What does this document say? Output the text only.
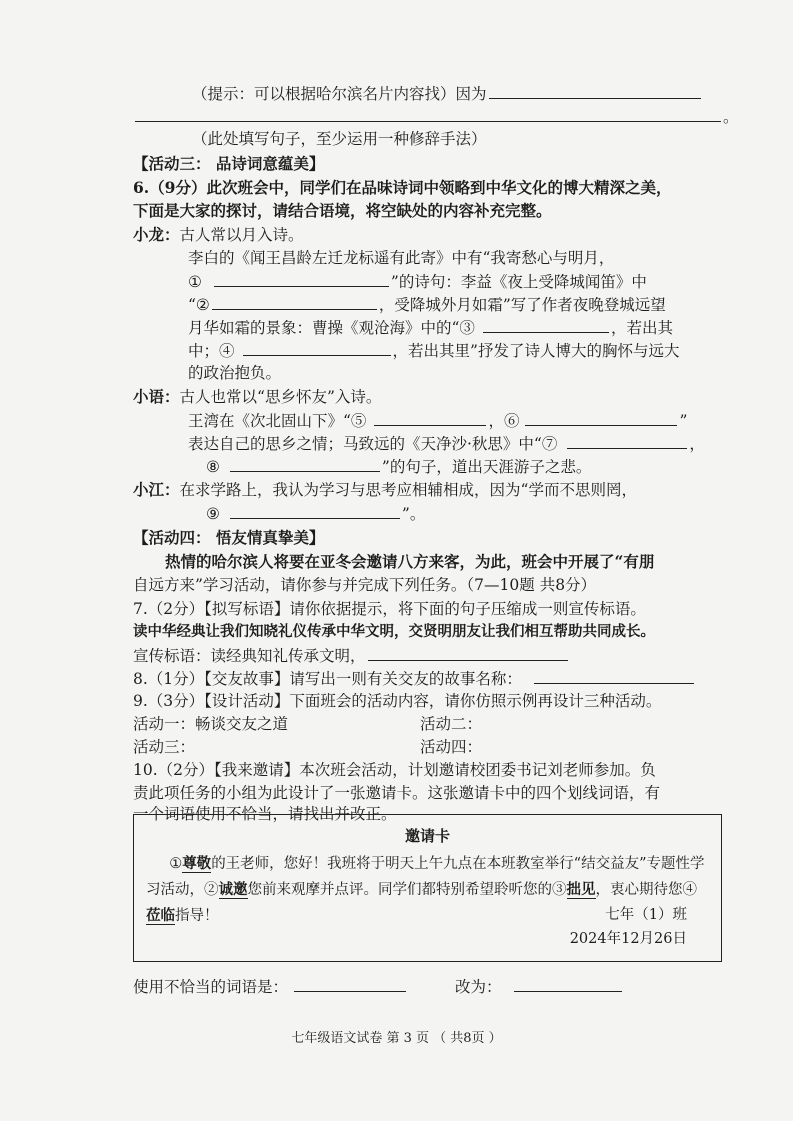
（提示：可以根据哈尔滨名片内容找）因为
。
（此处填写句子，至少运用一种修辞手法）
【活动三： 品诗词意蕴美】
6.（9分）此次班会中，同学们在品味诗词中领略到中华文化的博大精深之美，
下面是大家的探讨，请结合语境，将空缺处的内容补充完整。
小龙：古人常以月入诗。
李白的《闻王昌龄左迁龙标遥有此寄》中有“我寄愁心与明月，
①	”的诗句：李益《夜上受降城闻笛》中
“②	，受降城外月如霜”写了作者夜晚登城远望
月华如霜的景象：曹操《观沧海》中的“③	，若出其
中；④	，若出其里”抒发了诗人博大的胸怀与远大
的政治抱负。
小语：古人也常以“思乡怀友”入诗。
王湾在《次北固山下》“⑤	，⑥	”
表达自己的思乡之情；马致远的《天净沙·秋思》中“⑦	，
⑧	”的句子，道出天涯游子之悲。
小江：在求学路上，我认为学习与思考应相辅相成，因为“学而不思则罔，
⑨	”。
【活动四： 悟友情真挚美】
热情的哈尔滨人将要在亚冬会邀请八方来客，为此，班会中开展了“有朋
自远方来”学习活动，请你参与并完成下列任务。（7—10题 共8分）
7.（2分）【拟写标语】请你依据提示，将下面的句子压缩成一则宣传标语。
读中华经典让我们知晓礼仪传承中华文明，交贤明朋友让我们相互帮助共同成长。
宣传标语：读经典知礼传承文明，
8.（1分）【交友故事】请写出一则有关交友的故事名称：
9.（3分）【设计活动】下面班会的活动内容，请你仿照示例再设计三种活动。
活动一：畅谈交友之道	活动二：
活动三：	活动四：
10.（2分）【我来邀请】本次班会活动，计划邀请校团委书记刘老师参加。负
责此项任务的小组为此设计了一张邀请卡。这张邀请卡中的四个划线词语，有
一个词语使用不恰当，请找出并改正。
邀请卡
①尊敬的王老师，您好！我班将于明天上午九点在本班教室举行“结交益友”专题性学习活动，②诚邀您前来观摩并点评。同学们都特别希望聆听您的③拙见，衷心期待您④莅临指导！	七年（1）班
2024年12月26日
使用不恰当的词语是：	改为：
七年级语文试卷 第 3 页 （ 共8页 ）
